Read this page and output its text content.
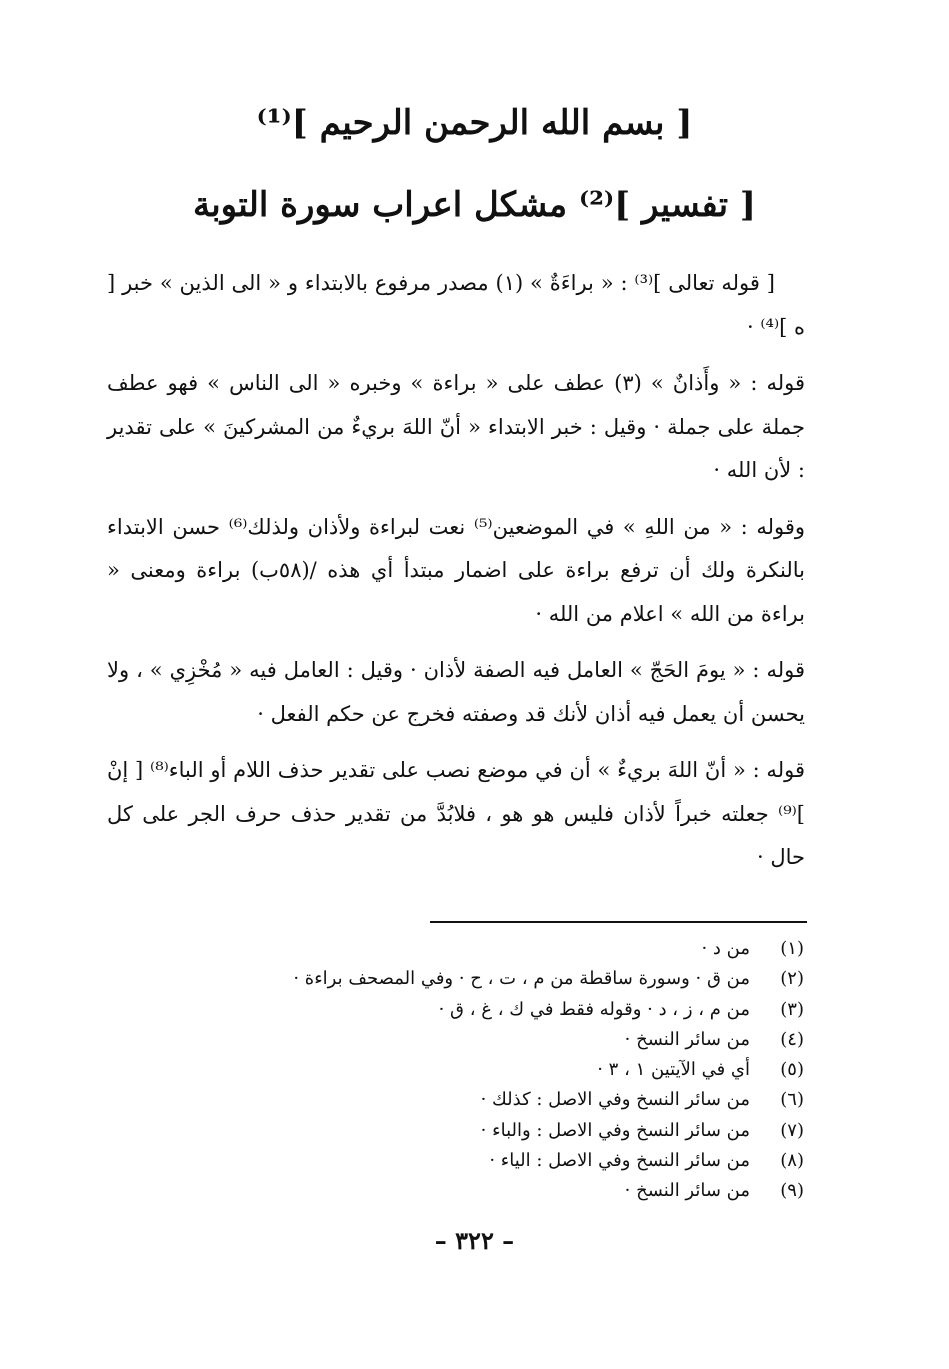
[ بسم الله الرحمن الرحيم ]⁽¹⁾
[ تفسير ]⁽²⁾ مشكل اعراب سورة التوبة

[ قوله تعالى ]⁽³⁾ : « براءَةٌ » (١) مصدر مرفوع بالابتداء و « الى الذين » خبر [ ه ]⁽⁴⁾ ·

قوله : « وأَذانٌ » (٣) عطف على « براءة » وخبره « الى الناس » فهو عطف جملة على جملة · وقيل : خبر الابتداء « أنّ اللهَ بريءٌ من المشركينَ » على تقدير : لأن الله ·

وقوله : « من اللهِ » في الموضعين⁽⁵⁾ نعت لبراءة ولأذان ولذلك⁽⁶⁾ حسن الابتداء بالنكرة ولك أن ترفع براءة على اضمار مبتدأ أي هذه /(٥٨ب) براءة ومعنى « براءة من الله » اعلام من الله ·

قوله : « يومَ الحَجّ » العامل فيه الصفة لأذان · وقيل : العامل فيه « مُخْزِي » ، ولا يحسن أن يعمل فيه أذان لأنك قد وصفته فخرج عن حكم الفعل ·

قوله : « أنّ اللهَ بريءٌ » أن في موضع نصب على تقدير حذف اللام أو الباء⁽⁸⁾ [ إنْ ]⁽⁹⁾ جعلته خبراً لأذان فليس هو هو ، فلابُدَّ من تقدير حذف حرف الجر على كل حال ·

(١)
من د ·
(٢)
من ق · وسورة ساقطة من م ، ت ، ح · وفي المصحف براءة ·
(٣)
من م ، ز ، د · وقوله فقط في ك ، غ ، ق ·
(٤)
من سائر النسخ ·
(٥)
أي في الآيتين ١ ، ٣ ·
(٦)
من سائر النسخ وفي الاصل : كذلك ·
(٧)
من سائر النسخ وفي الاصل : والباء ·
(٨)
من سائر النسخ وفي الاصل : الياء ·
(٩)
من سائر النسخ ·
– ٣٢٢ –
